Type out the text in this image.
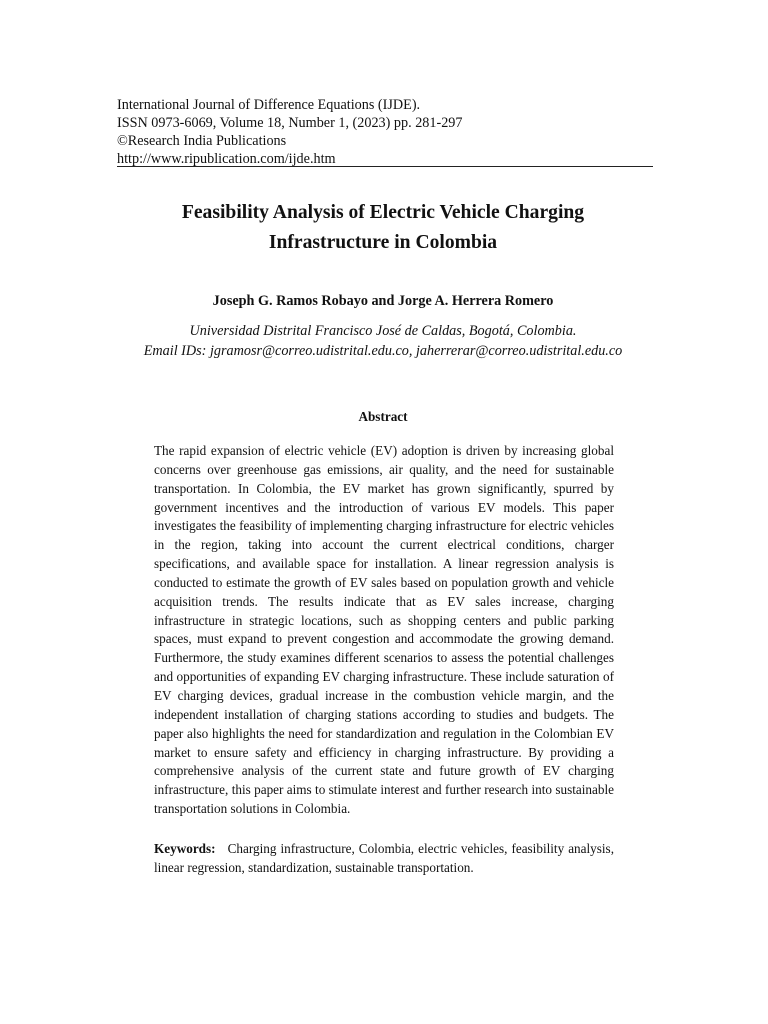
International Journal of Difference Equations (IJDE).
ISSN 0973-6069, Volume 18, Number 1, (2023) pp. 281-297
©Research India Publications
http://www.ripublication.com/ijde.htm
Feasibility Analysis of Electric Vehicle Charging
Infrastructure in Colombia
Joseph G. Ramos Robayo and Jorge A. Herrera Romero
Universidad Distrital Francisco José de Caldas, Bogotá, Colombia.
Email IDs: jgramosr@correo.udistrital.edu.co, jaherrerar@correo.udistrital.edu.co
Abstract
The rapid expansion of electric vehicle (EV) adoption is driven by increasing global concerns over greenhouse gas emissions, air quality, and the need for sustainable transportation. In Colombia, the EV market has grown significantly, spurred by government incentives and the introduction of various EV models. This paper investigates the feasibility of implementing charging infrastructure for electric vehicles in the region, taking into account the current electrical conditions, charger specifications, and available space for installation. A linear regression analysis is conducted to estimate the growth of EV sales based on population growth and vehicle acquisition trends. The results indicate that as EV sales increase, charging infrastructure in strategic locations, such as shopping centers and public parking spaces, must expand to prevent congestion and accommodate the growing demand. Furthermore, the study examines different scenarios to assess the potential challenges and opportunities of expanding EV charging infrastructure. These include saturation of EV charging devices, gradual increase in the combustion vehicle margin, and the independent installation of charging stations according to studies and budgets. The paper also highlights the need for standardization and regulation in the Colombian EV market to ensure safety and efficiency in charging infrastructure. By providing a comprehensive analysis of the current state and future growth of EV charging infrastructure, this paper aims to stimulate interest and further research into sustainable transportation solutions in Colombia.
Keywords:   Charging infrastructure, Colombia, electric vehicles, feasibility analysis, linear regression, standardization, sustainable transportation.
